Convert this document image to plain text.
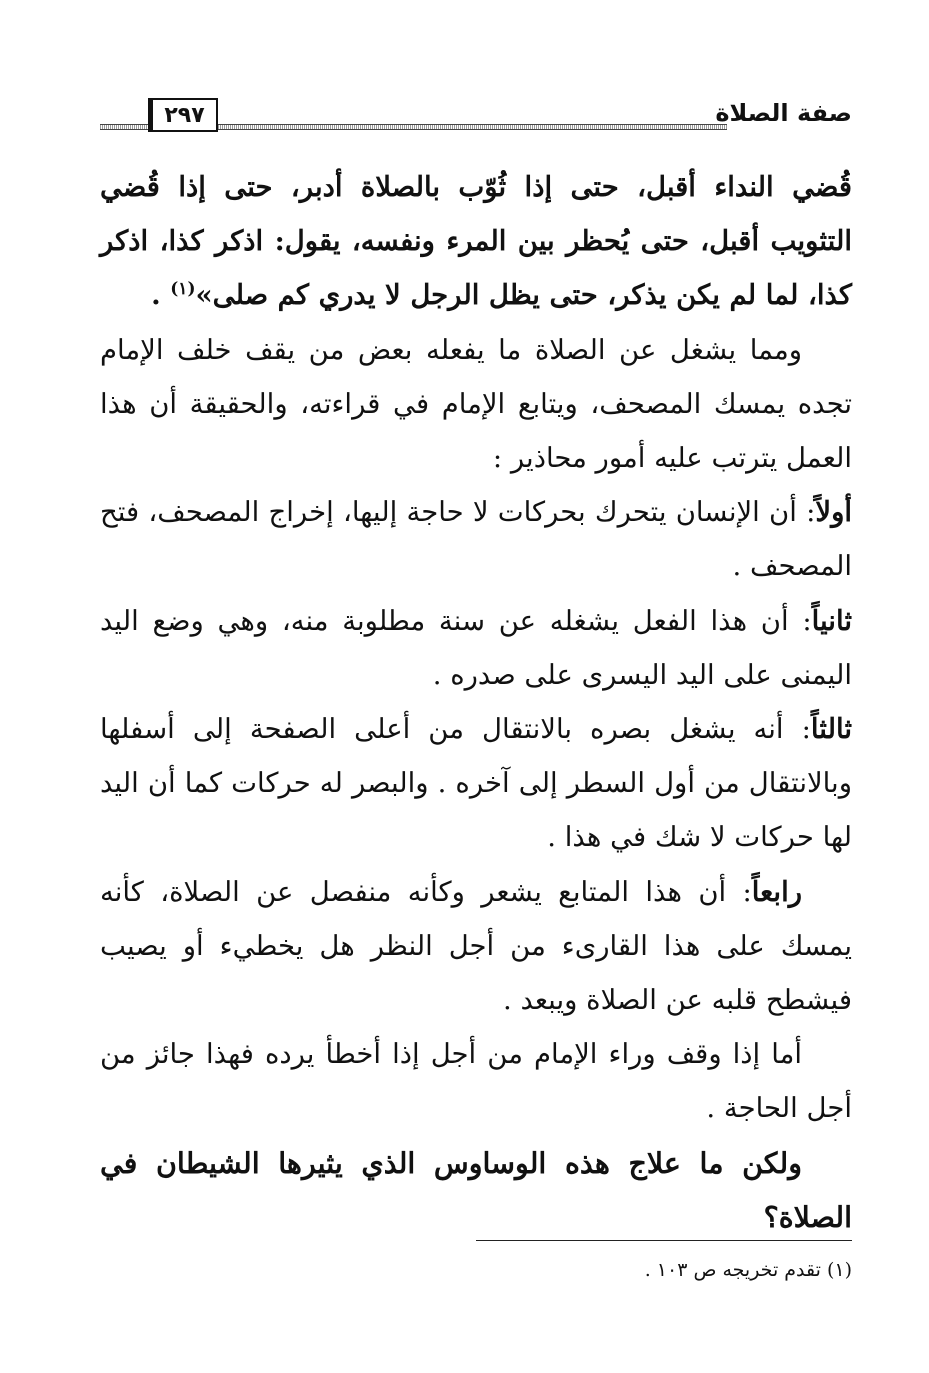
٢٩٧	صفة الصلاة

قُضي النداء أقبل، حتى إذا ثُوّب بالصلاة أدبر، حتى إذا قُضي التثويب أقبل، حتى يُحظر بين المرء ونفسه، يقول: اذكر كذا، اذكر كذا، لما لم يكن يذكر، حتى يظل الرجل لا يدري كم صلى»$^{(١)}$ .

ومما يشغل عن الصلاة ما يفعله بعض من يقف خلف الإمام تجده يمسك المصحف، ويتابع الإمام في قراءته، والحقيقة أن هذا العمل يترتب عليه أمور محاذير :

أولاً: أن الإنسان يتحرك بحركات لا حاجة إليها، إخراج المصحف، فتح المصحف .

ثانياً: أن هذا الفعل يشغله عن سنة مطلوبة منه، وهي وضع اليد اليمنى على اليد اليسرى على صدره .

ثالثاً: أنه يشغل بصره بالانتقال من أعلى الصفحة إلى أسفلها وبالانتقال من أول السطر إلى آخره . والبصر له حركات كما أن اليد لها حركات لا شك في هذا .

رابعاً: أن هذا المتابع يشعر وكأنه منفصل عن الصلاة، كأنه يمسك على هذا القارىء من أجل النظر هل يخطيء أو يصيب فيشطح قلبه عن الصلاة ويبعد .

أما إذا وقف وراء الإمام من أجل إذا أخطأ يرده فهذا جائز من أجل الحاجة .

ولكن ما علاج هذه الوساوس الذي يثيرها الشيطان في الصلاة؟

(١) تقدم تخريجه ص ١٠٣ .
